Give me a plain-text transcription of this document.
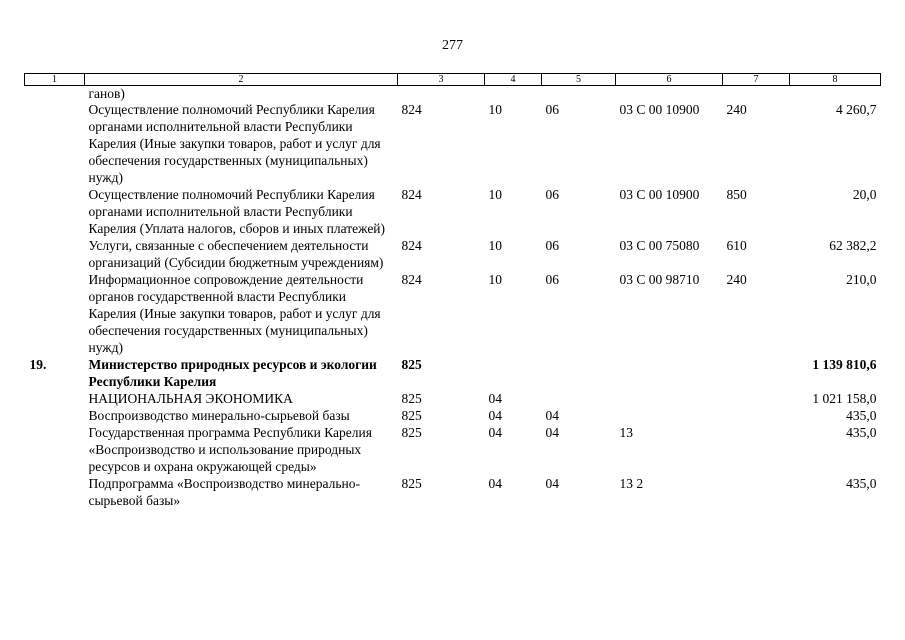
277
1	2	3	4	5	6	7	8
	ганов)						
	Осуществление полномочий Республики Карелия органами исполнительной власти Республики Карелия (Иные закупки товаров, работ и услуг для обеспечения государственных (муниципальных) нужд)	824	10	06	03 С 00 10900	240	4 260,7
	Осуществление полномочий Республики Карелия органами исполнительной власти Республики Карелия (Уплата налогов, сборов и иных платежей)	824	10	06	03 С 00 10900	850	20,0
	Услуги, связанные с обеспечением деятельности организаций (Субсидии бюджетным учреждениям)	824	10	06	03 С 00 75080	610	62 382,2
	Информационное сопровождение деятельности органов государственной власти Республики Карелия (Иные закупки товаров, работ и услуг для обеспечения государственных (муниципальных) нужд)	824	10	06	03 С 00 98710	240	210,0
19.	Министерство природных ресурсов и экологии Республики Карелия	825					1 139 810,6
	НАЦИОНАЛЬНАЯ ЭКОНОМИКА	825	04				1 021 158,0
	Воспроизводство минерально-сырьевой базы	825	04	04			435,0
	Государственная программа Республики Карелия «Воспроизводство и использование природных ресурсов и охрана окружающей среды»	825	04	04	13		435,0
	Подпрограмма «Воспроизводство минерально-сырьевой базы»	825	04	04	13 2		435,0
